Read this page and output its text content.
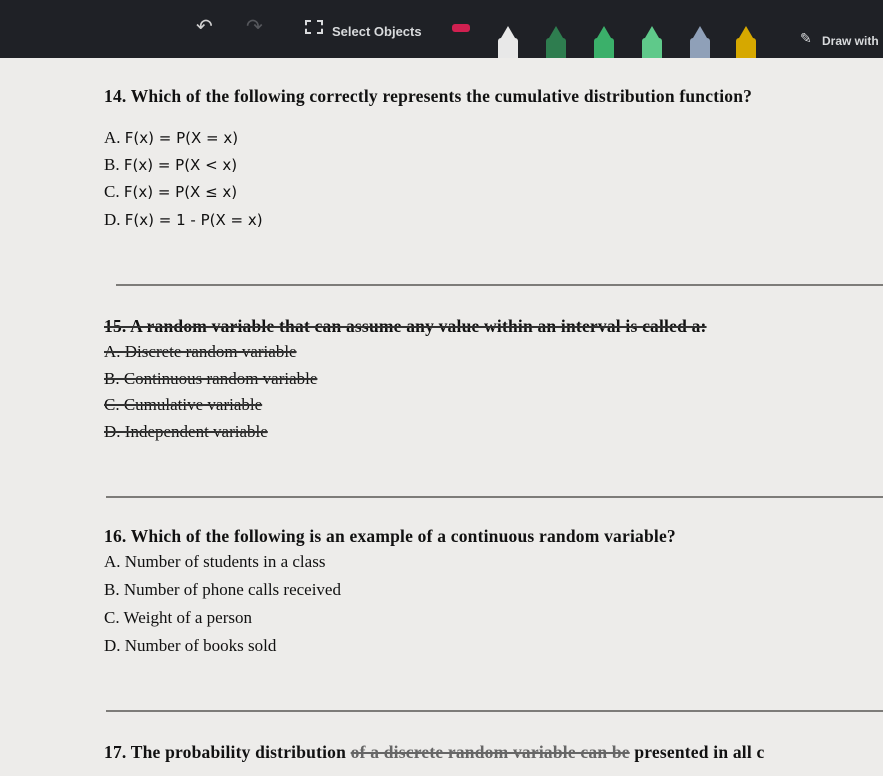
↶ ↷	Select Objects	✎ Draw with
14. Which of the following correctly represents the cumulative distribution function?
A. F(x) = P(X = x)
B. F(x) = P(X < x)
C. F(x) = P(X ≤ x)
D. F(x) = 1 - P(X = x)
15. A random variable that can assume any value within an interval is called a:
A. Discrete random variable
B. Continuous random variable
C. Cumulative variable
D. Independent variable
16. Which of the following is an example of a continuous random variable?
A. Number of students in a class
B. Number of phone calls received
C. Weight of a person
D. Number of books sold
17. The probability distribution of a discrete random variable can be presented in all c
